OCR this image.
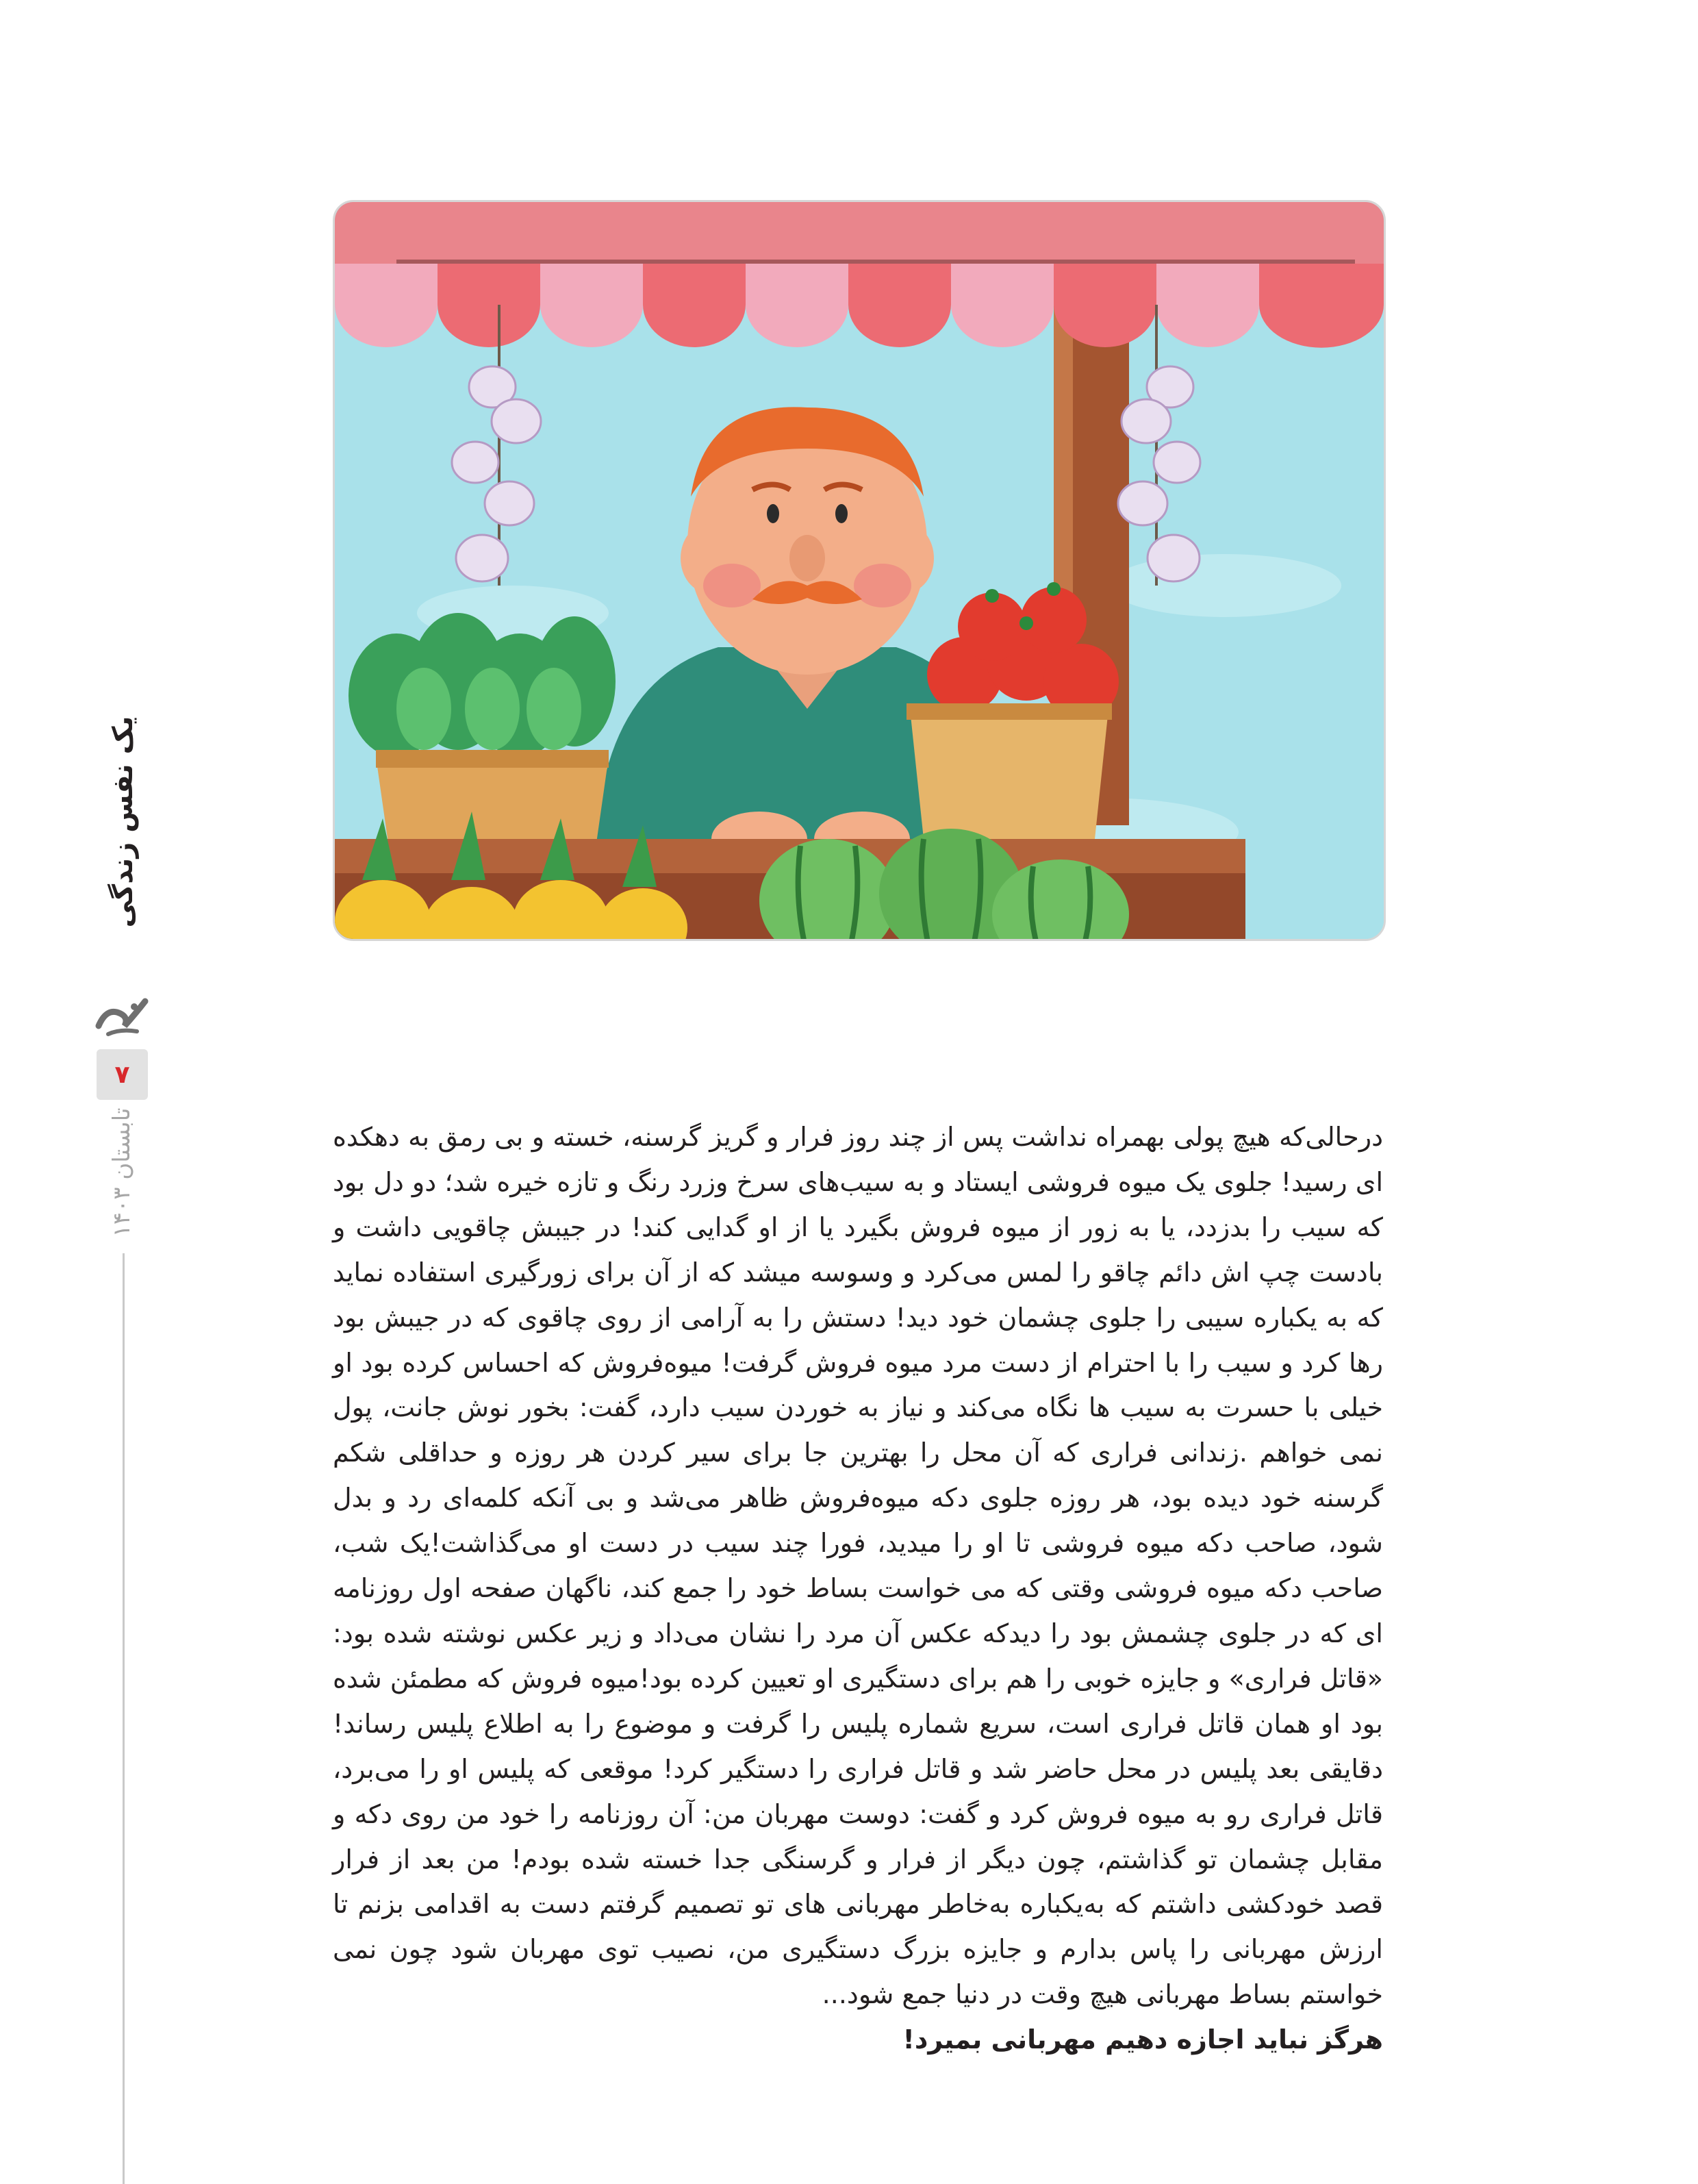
یک نفس زندگی
۷
تابستان ۱۴۰۳	درحالی‌که هیچ پولی بهمراه نداشت پس از چند روز فرار و گریز گرسنه، خسته و بی رمق به دهکده ای رسید! جلوی یک میوه فروشی ایستاد و به سیب‌های سرخ وزرد رنگ و تازه خیره شد؛ دو دل بود که سیب را بدزدد، یا به زور از میوه فروش بگیرد یا از او گدایی کند! در جیبش چاقویی داشت و بادست چپ اش دائم چاقو را لمس می‌کرد و وسوسه میشد که از آن برای زورگیری استفاده نماید که به یکباره سیبی را جلوی چشمان خود دید! دستش را به آرامی از روی چاقوی که در جیبش بود رها کرد و سیب را با احترام از دست مرد میوه فروش گرفت! میوه‌فروش که احساس کرده بود او خیلی با حسرت به سیب ها نگاه می‌کند و نیاز به خوردن سیب دارد، گفت: بخور نوش جانت، پول نمی خواهم .زندانی فراری که آن محل را بهترین جا برای سیر کردن هر روزه و حداقلی شکم گرسنه خود دیده بود، هر روزه جلوی دکه میوه‌فروش ظاهر می‌شد و بی آنکه کلمه‌ای رد و بدل شود، صاحب دکه میوه فروشی تا او را میدید، فورا چند سیب در دست او می‌گذاشت!یک شب، صاحب دکه میوه فروشی وقتی که می خواست بساط خود را جمع کند، ناگهان صفحه اول روزنامه ای که در جلوی چشمش بود را دیدکه عکس آن مرد را نشان می‌داد و زیر عکس نوشته شده بود: «قاتل فراری» و جایزه خوبی را هم برای دستگیری او تعیین کرده بود!میوه فروش که مطمئن شده بود او همان قاتل فراری است، سریع شماره پلیس را گرفت و موضوع را به اطلاع پلیس رساند!دقایقی بعد پلیس در محل حاضر شد و قاتل فراری را دستگیر کرد! موقعی که پلیس او را می‌برد، قاتل فراری رو به میوه فروش کرد و گفت: دوست مهربان من: آن روزنامه را خود من روی دکه و مقابل چشمان تو گذاشتم، چون دیگر از فرار و گرسنگی جدا خسته شده بودم! من بعد از فرار قصد خودکشی داشتم که به‌یکباره به‌خاطر مهربانی‌ های تو تصمیم گرفتم دست به اقدامی بزنم تا ارزش مهربانی را پاس بدارم و جایزه بزرگ دستگیری من، نصیب توی مهربان شود چون نمی خواستم بساط مهربانی هیچ وقت در دنیا جمع شود...

هرگز نباید اجازه دهیم مهربانی بمیرد!
